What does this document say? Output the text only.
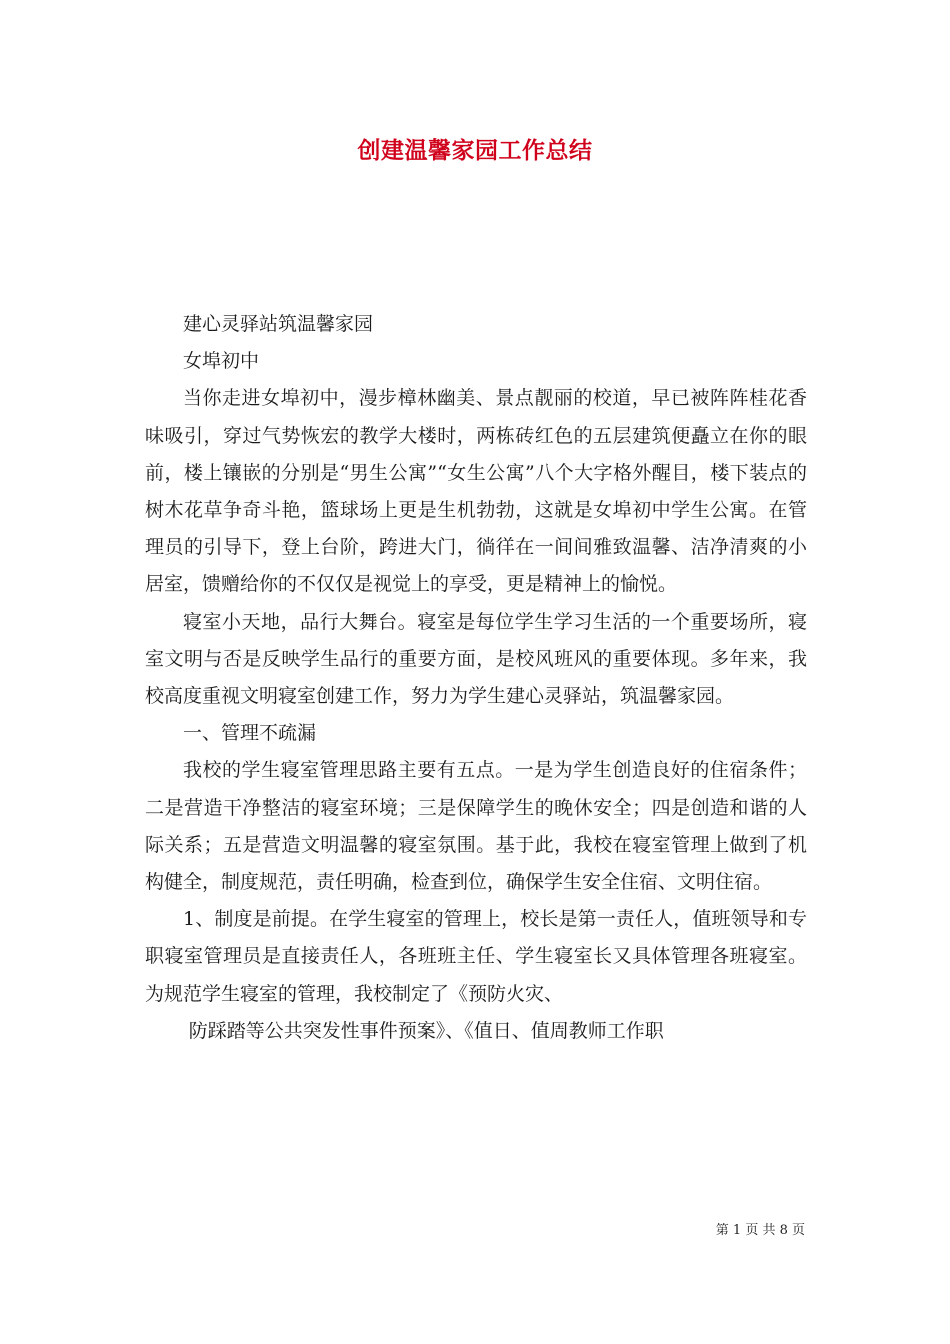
创建温馨家园工作总结

建心灵驿站筑温馨家园

女埠初中

当你走进女埠初中，漫步樟林幽美、景点靓丽的校道，早已被阵阵桂花香味吸引，穿过气势恢宏的教学大楼时，两栋砖红色的五层建筑便矗立在你的眼前，楼上镶嵌的分别是“男生公寓”“女生公寓”八个大字格外醒目，楼下装点的树木花草争奇斗艳，篮球场上更是生机勃勃，这就是女埠初中学生公寓。在管理员的引导下，登上台阶，跨进大门，徜徉在一间间雅致温馨、洁净清爽的小居室，馈赠给你的不仅仅是视觉上的享受，更是精神上的愉悦。

寝室小天地，品行大舞台。寝室是每位学生学习生活的一个重要场所，寝室文明与否是反映学生品行的重要方面，是校风班风的重要体现。多年来，我校高度重视文明寝室创建工作，努力为学生建心灵驿站，筑温馨家园。

一、管理不疏漏

我校的学生寝室管理思路主要有五点。一是为学生创造良好的住宿条件；二是营造干净整洁的寝室环境；三是保障学生的晚休安全；四是创造和谐的人际关系；五是营造文明温馨的寝室氛围。基于此，我校在寝室管理上做到了机构健全，制度规范，责任明确，检查到位，确保学生安全住宿、文明住宿。

1、制度是前提。在学生寝室的管理上，校长是第一责任人，值班领导和专职寝室管理员是直接责任人，各班班主任、学生寝室长又具体管理各班寝室。为规范学生寝室的管理，我校制定了《预防火灾、

防踩踏等公共突发性事件预案》、《值日、值周教师工作职

第 1 页 共 8 页
